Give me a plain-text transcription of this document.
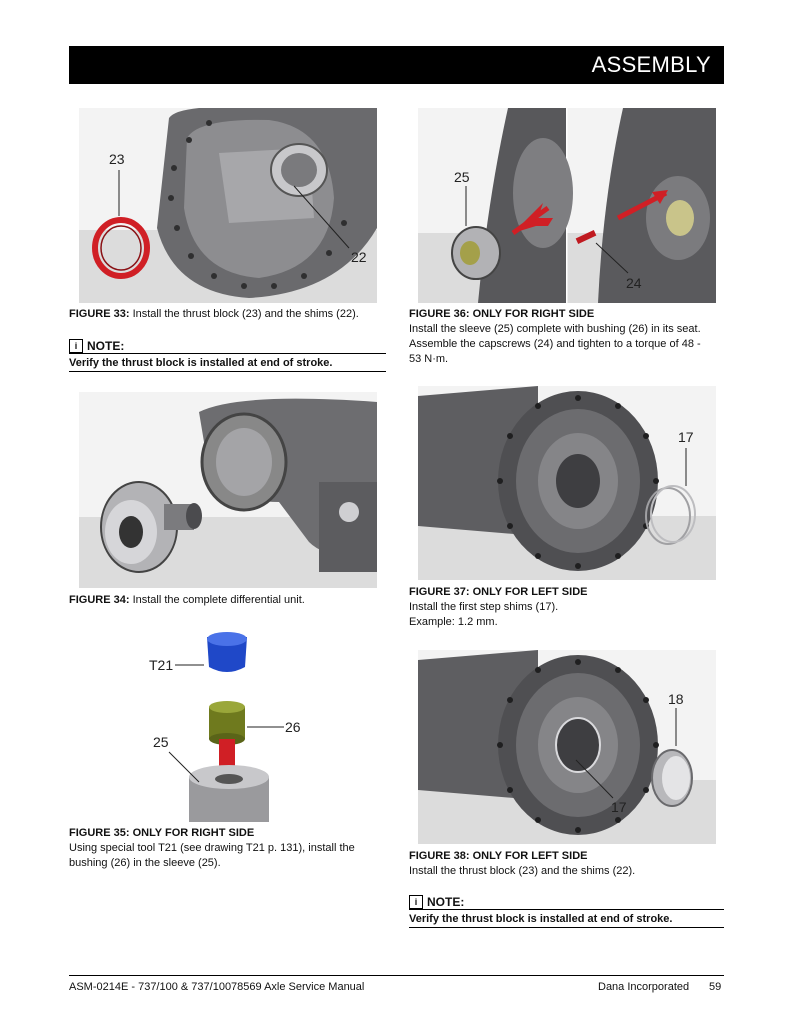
ASSEMBLY
23
22
FIGURE 33: Install the thrust block (23) and the shims (22).
i NOTE:
Verify the thrust block is installed at end of stroke.
FIGURE 34: Install the complete differential unit.
T21
26
25
FIGURE 35: ONLY FOR RIGHT SIDE
Using special tool T21 (see drawing T21 p. 131), install the
bushing (26) in the sleeve (25).
25
24
FIGURE 36: ONLY FOR RIGHT SIDE
Install the sleeve (25) complete with bushing (26) in its seat.
Assemble the capscrews (24) and tighten to a torque of 48 -
53 N·m.
17
FIGURE 37: ONLY FOR LEFT SIDE
Install the first step shims (17).
Example: 1.2 mm.
18
17
FIGURE 38: ONLY FOR LEFT SIDE
Install the thrust block (23) and the shims (22).
i NOTE:
Verify the thrust block is installed at end of stroke.
ASM-0214E - 737/100 & 737/10078569 Axle Service Manual	Dana Incorporated 59
